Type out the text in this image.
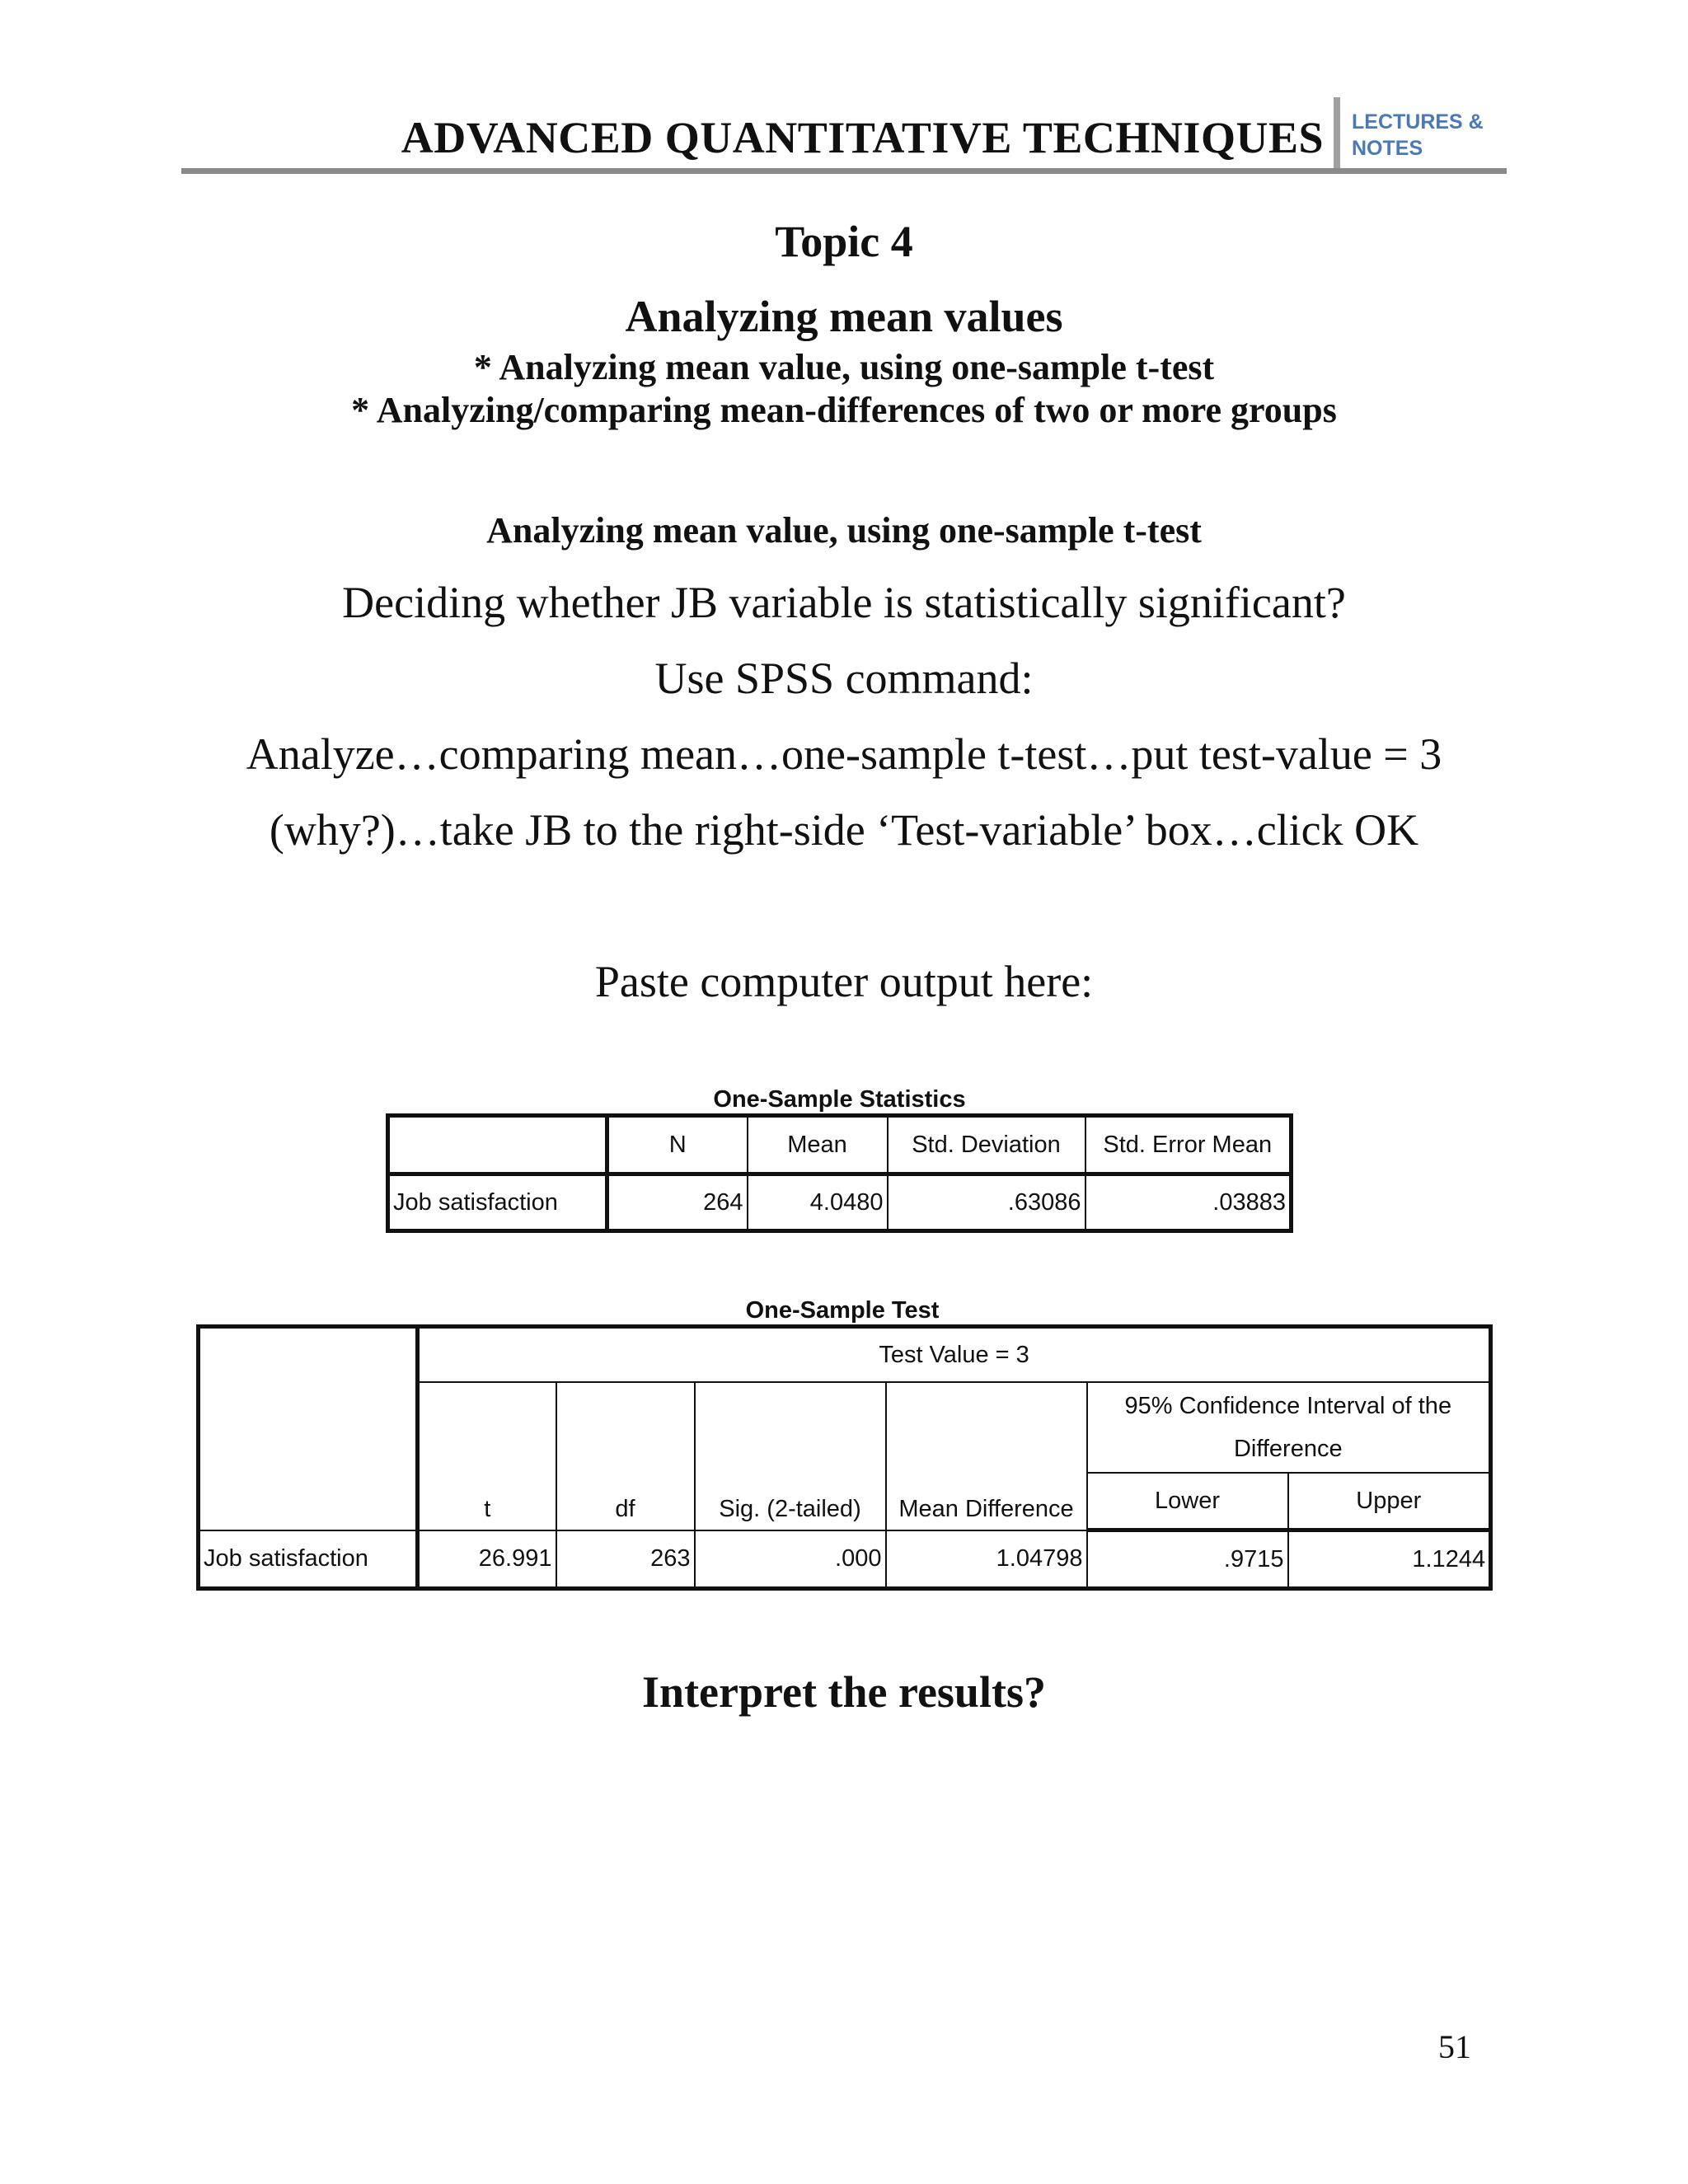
ADVANCED QUANTITATIVE TECHNIQUES LECTURES &
NOTES
Topic 4
Analyzing mean values
* Analyzing mean value, using one-sample t-test
* Analyzing/comparing mean-differences of two or more groups
Analyzing mean value, using one-sample t-test
Deciding whether JB variable is statistically significant?
Use SPSS command:
Analyze…comparing mean…one-sample t-test…put test-value = 3
(why?)…take JB to the right-side ‘Test-variable’ box…click OK
Paste computer output here:
One-Sample Statistics
	N	Mean	Std. Deviation	Std. Error Mean
Job satisfaction	264	4.0480	.63086	.03883
One-Sample Test
	Test Value = 3					
	t	df	Sig. (2-tailed)	Mean Difference	95% Confidence Interval of the Difference	
					Lower	Upper
Job satisfaction	26.991	263	.000	1.04798	.9715	1.1244
Interpret the results?
51
